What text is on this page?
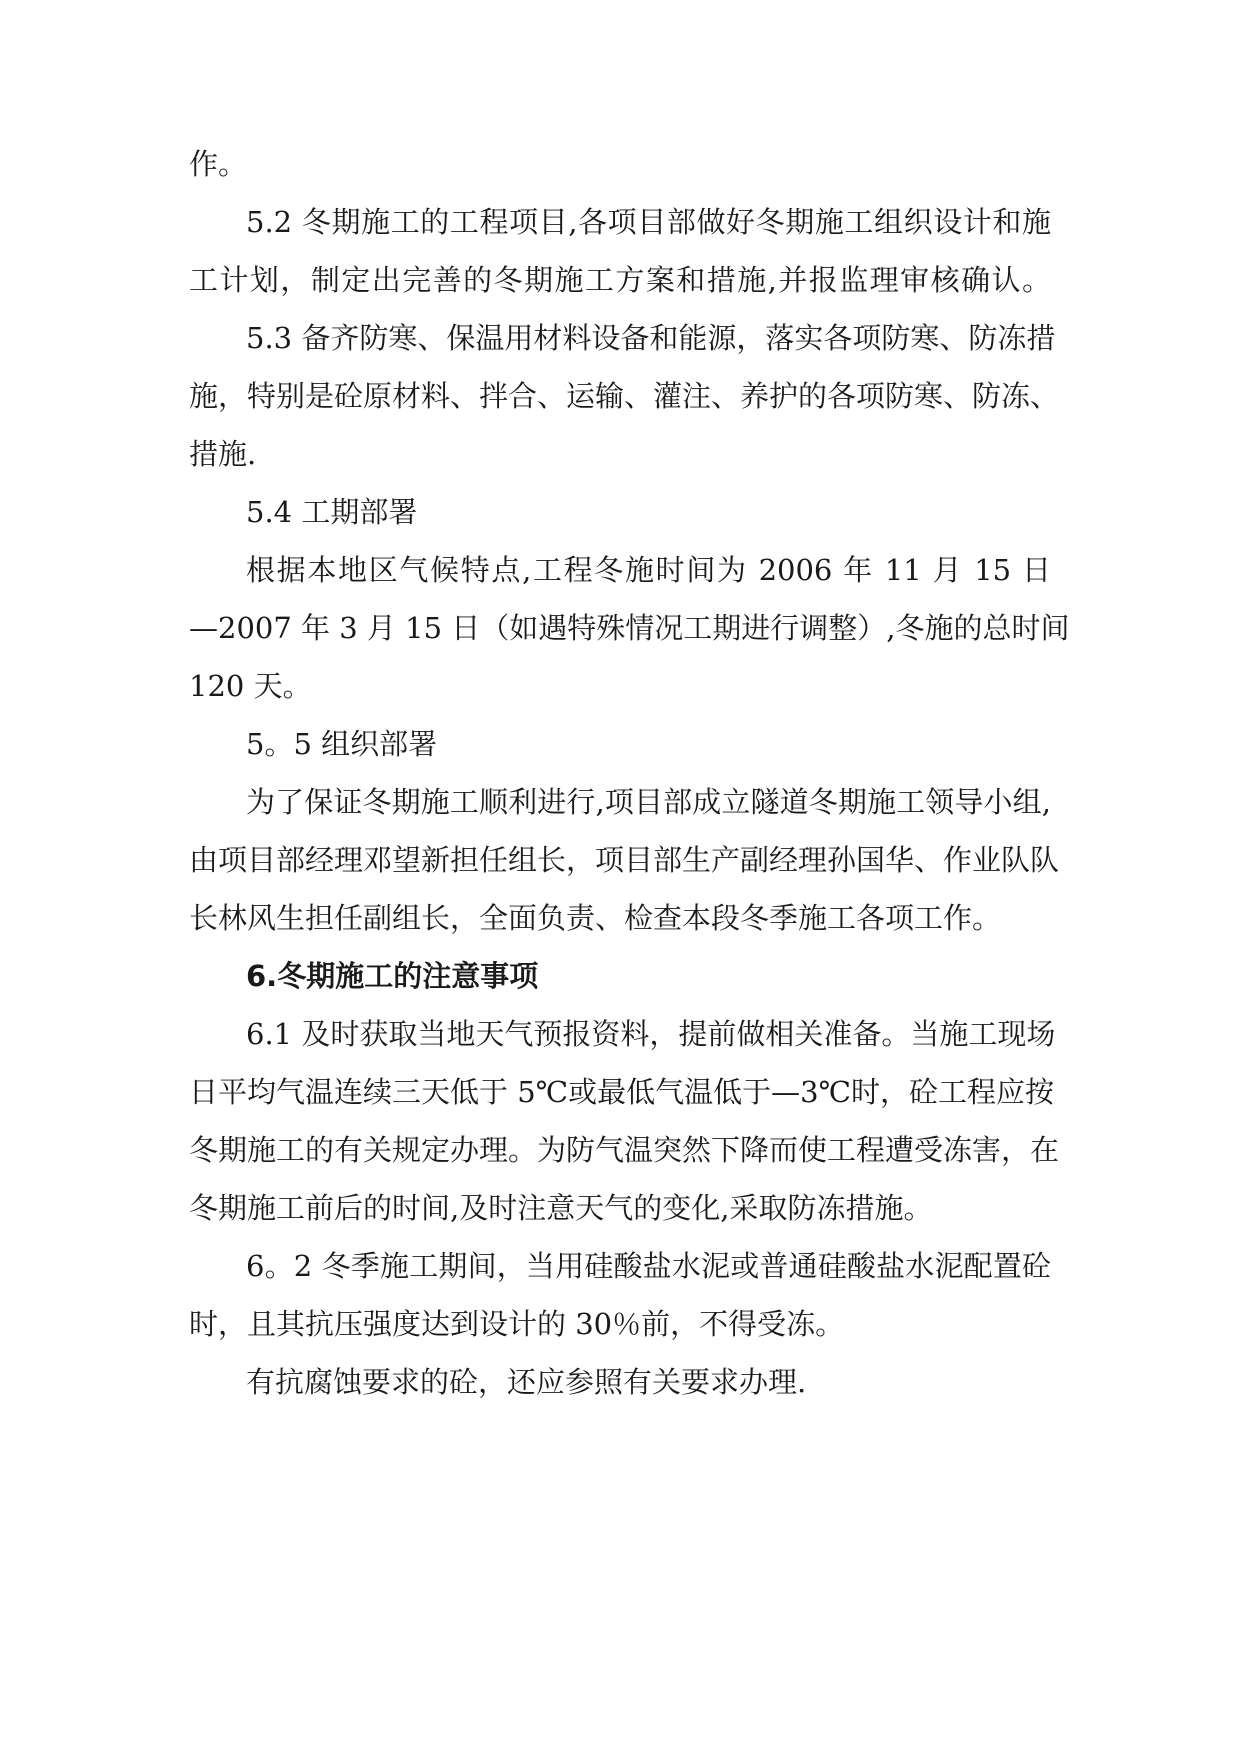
作。
5.2 冬期施工的工程项目,各项目部做好冬期施工组织设计和施
工计划，制定出完善的冬期施工方案和措施,并报监理审核确认。
5.3 备齐防寒、保温用材料设备和能源，落实各项防寒、防冻措
施，特别是砼原材料、拌合、运输、灌注、养护的各项防寒、防冻、
措施.
5.4 工期部署
根据本地区气候特点,工程冬施时间为 2006 年 11 月 15 日
—2007 年 3 月 15 日（如遇特殊情况工期进行调整）,冬施的总时间
120 天。
5。5 组织部署
为了保证冬期施工顺利进行,项目部成立隧道冬期施工领导小组,
由项目部经理邓望新担任组长，项目部生产副经理孙国华、作业队队
长林风生担任副组长，全面负责、检查本段冬季施工各项工作。
6.冬期施工的注意事项
6.1 及时获取当地天气预报资料，提前做相关准备。当施工现场
日平均气温连续三天低于 5℃或最低气温低于—3℃时，砼工程应按
冬期施工的有关规定办理。为防气温突然下降而使工程遭受冻害，在
冬期施工前后的时间,及时注意天气的变化,采取防冻措施。
6。2 冬季施工期间，当用硅酸盐水泥或普通硅酸盐水泥配置砼
时，且其抗压强度达到设计的 30％前，不得受冻。
有抗腐蚀要求的砼，还应参照有关要求办理.
